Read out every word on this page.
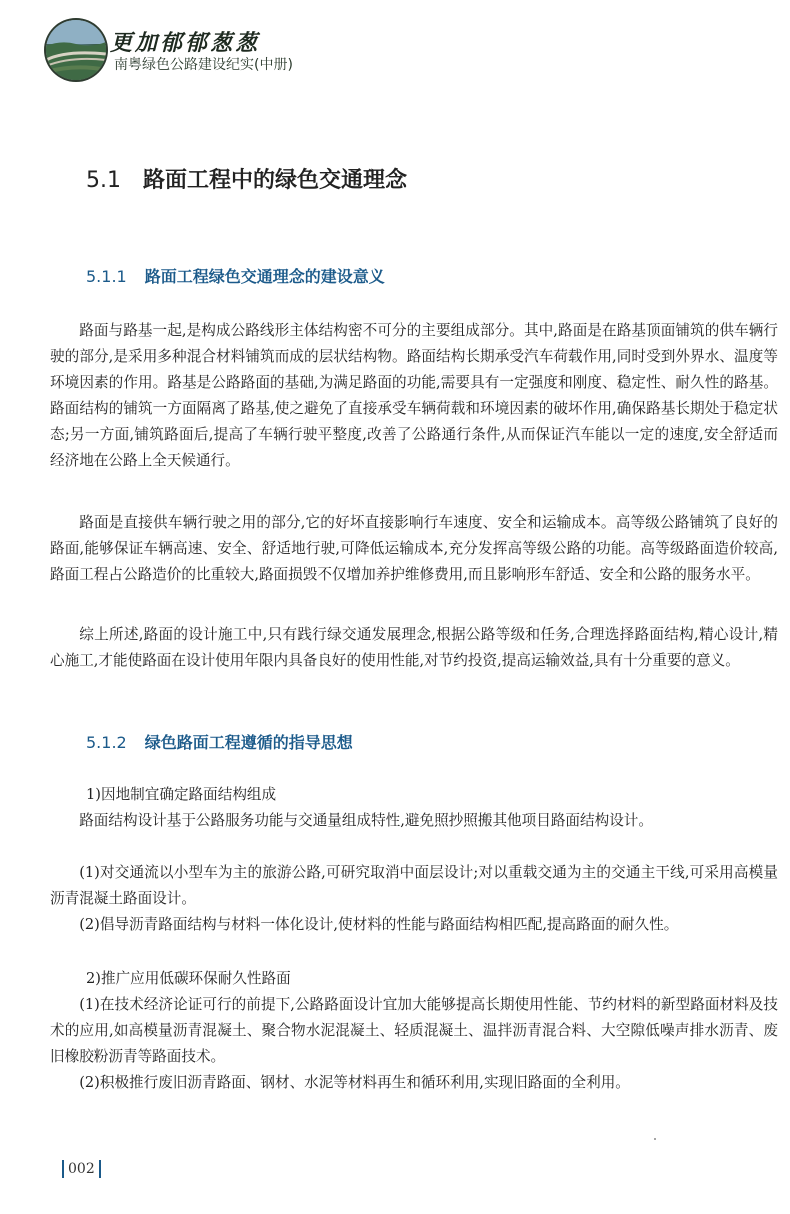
更加郁郁葱葱
南粤绿色公路建设纪实(中册)
5.1 路面工程中的绿色交通理念
5.1.1 路面工程绿色交通理念的建设意义
路面与路基一起,是构成公路线形主体结构密不可分的主要组成部分。其中,路面是在路基顶面铺筑的供车辆行驶的部分,是采用多种混合材料铺筑而成的层状结构物。路面结构长期承受汽车荷载作用,同时受到外界水、温度等环境因素的作用。路基是公路路面的基础,为满足路面的功能,需要具有一定强度和刚度、稳定性、耐久性的路基。路面结构的铺筑一方面隔离了路基,使之避免了直接承受车辆荷载和环境因素的破坏作用,确保路基长期处于稳定状态;另一方面,铺筑路面后,提高了车辆行驶平整度,改善了公路通行条件,从而保证汽车能以一定的速度,安全舒适而经济地在公路上全天候通行。
路面是直接供车辆行驶之用的部分,它的好坏直接影响行车速度、安全和运输成本。高等级公路铺筑了良好的路面,能够保证车辆高速、安全、舒适地行驶,可降低运输成本,充分发挥高等级公路的功能。高等级路面造价较高,路面工程占公路造价的比重较大,路面损毁不仅增加养护维修费用,而且影响形车舒适、安全和公路的服务水平。
综上所述,路面的设计施工中,只有践行绿交通发展理念,根据公路等级和任务,合理选择路面结构,精心设计,精心施工,才能使路面在设计使用年限内具备良好的使用性能,对节约投资,提高运输效益,具有十分重要的意义。
5.1.2 绿色路面工程遵循的指导思想
1)因地制宜确定路面结构组成
路面结构设计基于公路服务功能与交通量组成特性,避免照抄照搬其他项目路面结构设计。
(1)对交通流以小型车为主的旅游公路,可研究取消中面层设计;对以重载交通为主的交通主干线,可采用高模量沥青混凝土路面设计。
(2)倡导沥青路面结构与材料一体化设计,使材料的性能与路面结构相匹配,提高路面的耐久性。
2)推广应用低碳环保耐久性路面
(1)在技术经济论证可行的前提下,公路路面设计宜加大能够提高长期使用性能、节约材料的新型路面材料及技术的应用,如高模量沥青混凝土、聚合物水泥混凝土、轻质混凝土、温拌沥青混合料、大空隙低噪声排水沥青、废旧橡胶粉沥青等路面技术。
(2)积极推行废旧沥青路面、钢材、水泥等材料再生和循环利用,实现旧路面的全利用。
002
